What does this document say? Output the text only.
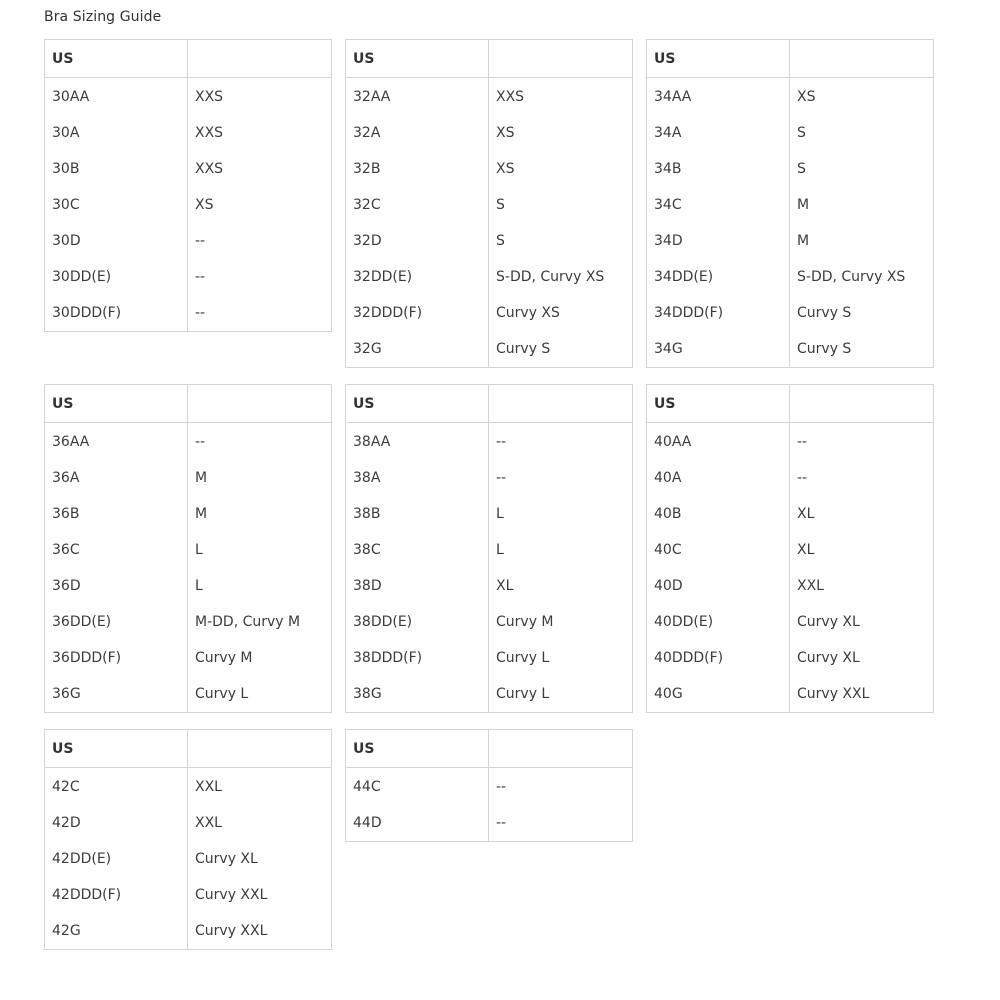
Bra Sizing Guide
US	
30AA	XXS
30A	XXS
30B	XXS
30C	XS
30D	--
30DD(E)	--
30DDD(F)	--
US	
32AA	XXS
32A	XS
32B	XS
32C	S
32D	S
32DD(E)	S-DD, Curvy XS
32DDD(F)	Curvy XS
32G	Curvy S
US	
34AA	XS
34A	S
34B	S
34C	M
34D	M
34DD(E)	S-DD, Curvy XS
34DDD(F)	Curvy S
34G	Curvy S
US	
36AA	--
36A	M
36B	M
36C	L
36D	L
36DD(E)	M-DD, Curvy M
36DDD(F)	Curvy M
36G	Curvy L
US	
38AA	--
38A	--
38B	L
38C	L
38D	XL
38DD(E)	Curvy M
38DDD(F)	Curvy L
38G	Curvy L
US	
40AA	--
40A	--
40B	XL
40C	XL
40D	XXL
40DD(E)	Curvy XL
40DDD(F)	Curvy XL
40G	Curvy XXL
US	
42C	XXL
42D	XXL
42DD(E)	Curvy XL
42DDD(F)	Curvy XXL
42G	Curvy XXL
US	
44C	--
44D	--
